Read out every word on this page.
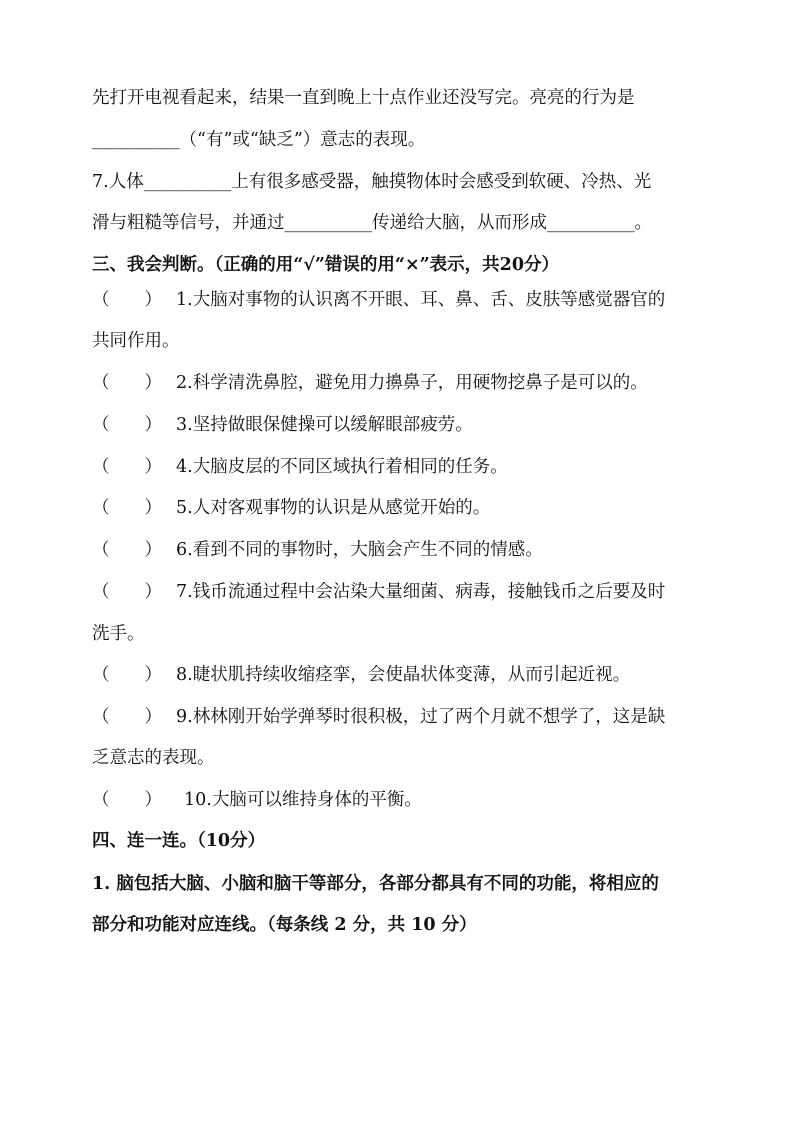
先打开电视看起来，结果一直到晚上十点作业还没写完。亮亮的行为是
__________（“有”或“缺乏”）意志的表现。
7.人体__________上有很多感受器，触摸物体时会感受到软硬、冷热、光
滑与粗糙等信号，并通过__________传递给大脑，从而形成__________。
三、我会判断。（正确的用“√”错误的用“×”表示，共20分）
（　　） 1.大脑对事物的认识离不开眼、耳、鼻、舌、皮肤等感觉器官的
共同作用。
（　　） 2.科学清洗鼻腔，避免用力擤鼻子，用硬物挖鼻子是可以的。
（　　） 3.坚持做眼保健操可以缓解眼部疲劳。
（　　） 4.大脑皮层的不同区域执行着相同的任务。
（　　） 5.人对客观事物的认识是从感觉开始的。
（　　） 6.看到不同的事物时，大脑会产生不同的情感。
（　　） 7.钱币流通过程中会沾染大量细菌、病毒，接触钱币之后要及时
洗手。
（　　） 8.睫状肌持续收缩痉挛，会使晶状体变薄，从而引起近视。
（　　） 9.林林刚开始学弹琴时很积极，过了两个月就不想学了，这是缺
乏意志的表现。
（　　） 10.大脑可以维持身体的平衡。
四、连一连。（10分）
1. 脑包括大脑、小脑和脑干等部分，各部分都具有不同的功能，将相应的
部分和功能对应连线。（每条线 2 分，共 10 分）
